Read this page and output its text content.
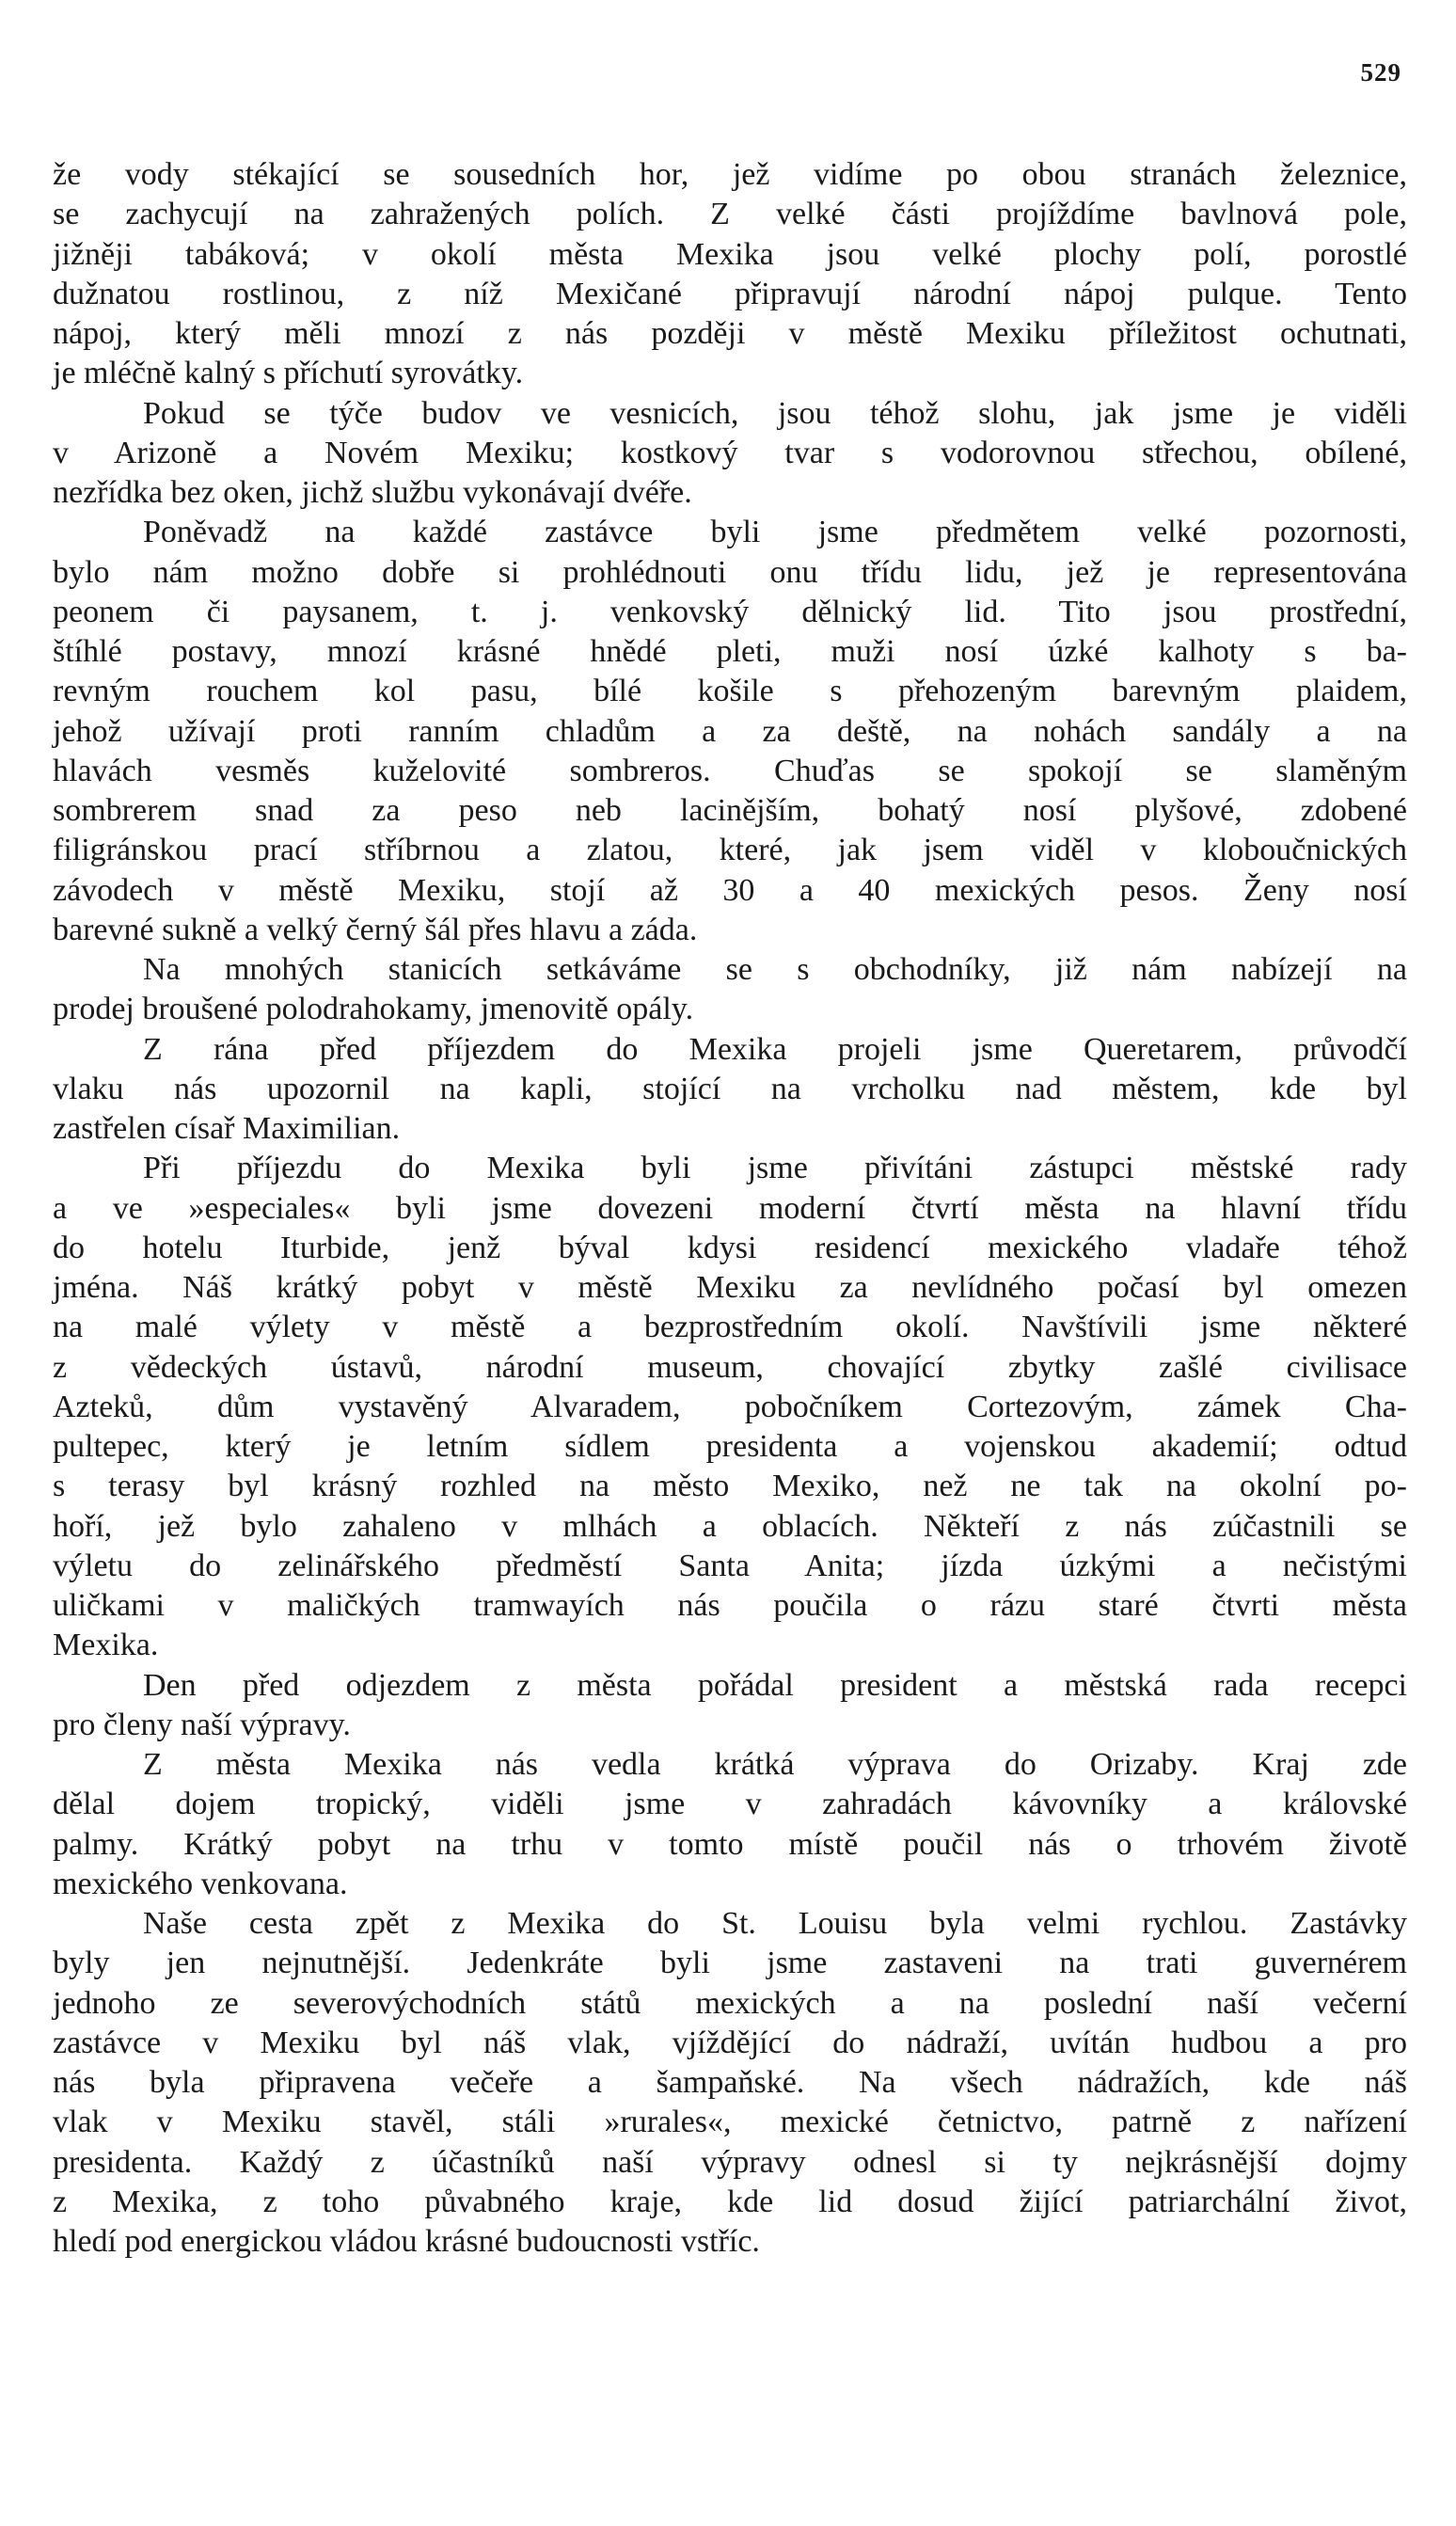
529
že vody stékající se sousedních hor, jež vidíme po obou stranách železnice,
se zachycují na zahražených polích. Z velké části projíždíme bavlnová pole,
jižněji tabáková; v okolí města Mexika jsou velké plochy polí, porostlé
dužnatou rostlinou, z níž Mexičané připravují národní nápoj pulque. Tento
nápoj, který měli mnozí z nás později v městě Mexiku příležitost ochutnati,
je mléčně kalný s příchutí syrovátky.
Pokud se týče budov ve vesnicích, jsou téhož slohu, jak jsme je viděli
v Arizoně a Novém Mexiku; kostkový tvar s vodorovnou střechou, obílené,
nezřídka bez oken, jichž službu vykonávají dvéře.
Poněvadž na každé zastávce byli jsme předmětem velké pozornosti,
bylo nám možno dobře si prohlédnouti onu třídu lidu, jež je representována
peonem či paysanem, t. j. venkovský dělnický lid. Tito jsou prostřední,
štíhlé postavy, mnozí krásné hnědé pleti, muži nosí úzké kalhoty s ba-
revným rouchem kol pasu, bílé košile s přehozeným barevným plaidem,
jehož užívají proti ranním chladům a za deště, na nohách sandály a na
hlavách vesměs kuželovité sombreros. Chuďas se spokojí se slaměným
sombrerem snad za peso neb lacinějším, bohatý nosí plyšové, zdobené
filigránskou prací stříbrnou a zlatou, které, jak jsem viděl v kloboučnických
závodech v městě Mexiku, stojí až 30 a 40 mexických pesos. Ženy nosí
barevné sukně a velký černý šál přes hlavu a záda.
Na mnohých stanicích setkáváme se s obchodníky, již nám nabízejí na
prodej broušené polodrahokamy, jmenovitě opály.
Z rána před příjezdem do Mexika projeli jsme Queretarem, průvodčí
vlaku nás upozornil na kapli, stojící na vrcholku nad městem, kde byl
zastřelen císař Maximilian.
Při příjezdu do Mexika byli jsme přivítáni zástupci městské rady
a ve »especiales« byli jsme dovezeni moderní čtvrtí města na hlavní třídu
do hotelu Iturbide, jenž býval kdysi residencí mexického vladaře téhož
jména. Náš krátký pobyt v městě Mexiku za nevlídného počasí byl omezen
na malé výlety v městě a bezprostředním okolí. Navštívili jsme některé
z vědeckých ústavů, národní museum, chovající zbytky zašlé civilisace
Azteků, dům vystavěný Alvaradem, pobočníkem Cortezovým, zámek Cha-
pultepec, který je letním sídlem presidenta a vojenskou akademií; odtud
s terasy byl krásný rozhled na město Mexiko, než ne tak na okolní po-
hoří, jež bylo zahaleno v mlhách a oblacích. Někteří z nás zúčastnili se
výletu do zelinářského předměstí Santa Anita; jízda úzkými a nečistými
uličkami v maličkých tramwayích nás poučila o rázu staré čtvrti města
Mexika.
Den před odjezdem z města pořádal president a městská rada recepci
pro členy naší výpravy.
Z města Mexika nás vedla krátká výprava do Orizaby. Kraj zde
dělal dojem tropický, viděli jsme v zahradách kávovníky a královské
palmy. Krátký pobyt na trhu v tomto místě poučil nás o trhovém životě
mexického venkovana.
Naše cesta zpět z Mexika do St. Louisu byla velmi rychlou. Zastávky
byly jen nejnutnější. Jedenkráte byli jsme zastaveni na trati guvernérem
jednoho ze severovýchodních států mexických a na poslední naší večerní
zastávce v Mexiku byl náš vlak, vjíždějící do nádraží, uvítán hudbou a pro
nás byla připravena večeře a šampaňské. Na všech nádražích, kde náš
vlak v Mexiku stavěl, stáli »rurales«, mexické četnictvo, patrně z nařízení
presidenta. Každý z účastníků naší výpravy odnesl si ty nejkrásnější dojmy
z Mexika, z toho půvabného kraje, kde lid dosud žijící patriarchální život,
hledí pod energickou vládou krásné budoucnosti vstříc.
